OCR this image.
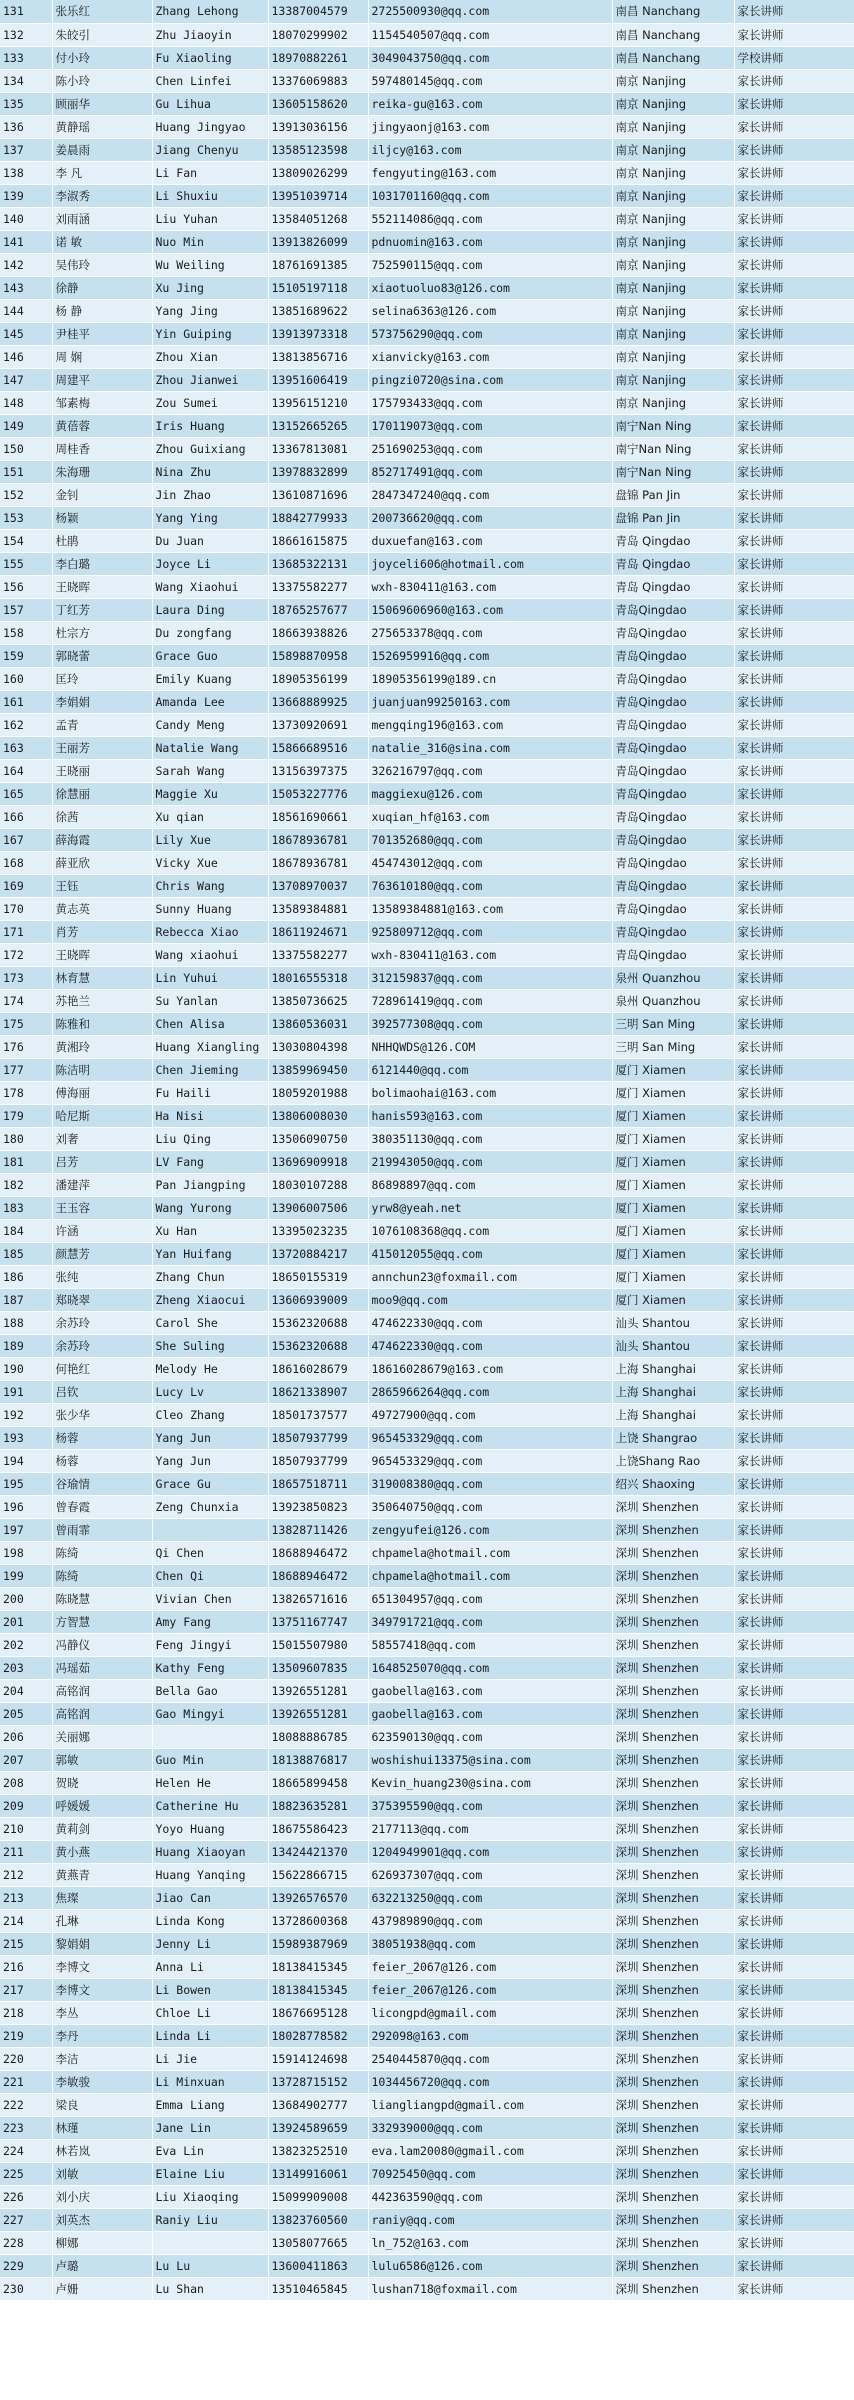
131	张乐红	Zhang Lehong	13387004579	2725500930@qq.com	南昌 Nanchang	家长讲师
132	朱皎引	Zhu Jiaoyin	18070299902	1154540507@qq.com	南昌 Nanchang	家长讲师
133	付小玲	Fu Xiaoling	18970882261	3049043750@qq.com	南昌 Nanchang	学校讲师
134	陈小玲	Chen Linfei	13376069883	597480145@qq.com	南京 Nanjing	家长讲师
135	顾丽华	Gu Lihua	13605158620	reika-gu@163.com	南京 Nanjing	家长讲师
136	黄静瑶	Huang Jingyao	13913036156	jingyaonj@163.com	南京 Nanjing	家长讲师
137	姜晨雨	Jiang Chenyu	13585123598	iljcy@163.com	南京 Nanjing	家长讲师
138	李 凡	Li Fan	13809026299	fengyuting@163.com	南京 Nanjing	家长讲师
139	李淑秀	Li Shuxiu	13951039714	1031701160@qq.com	南京 Nanjing	家长讲师
140	刘雨涵	Liu Yuhan	13584051268	552114086@qq.com	南京 Nanjing	家长讲师
141	诺 敏	Nuo Min	13913826099	pdnuomin@163.com	南京 Nanjing	家长讲师
142	吴伟玲	Wu Weiling	18761691385	752590115@qq.com	南京 Nanjing	家长讲师
143	徐静	Xu Jing	15105197118	xiaotuoluo83@126.com	南京 Nanjing	家长讲师
144	杨 静	Yang Jing	13851689622	selina6363@126.com	南京 Nanjing	家长讲师
145	尹桂平	Yin Guiping	13913973318	573756290@qq.com	南京 Nanjing	家长讲师
146	周 娴	Zhou Xian	13813856716	xianvicky@163.com	南京 Nanjing	家长讲师
147	周建平	Zhou Jianwei	13951606419	pingzi0720@sina.com	南京 Nanjing	家长讲师
148	邹素梅	Zou Sumei	13956151210	175793433@qq.com	南京 Nanjing	家长讲师
149	黄蓓蓉	Iris Huang	13152665265	170119073@qq.com	南宁Nan Ning	家长讲师
150	周桂香	Zhou Guixiang	13367813081	251690253@qq.com	南宁Nan Ning	家长讲师
151	朱海珊	Nina Zhu	13978832899	852717491@qq.com	南宁Nan Ning	家长讲师
152	金钊	Jin Zhao	13610871696	2847347240@qq.com	盘锦 Pan Jin	家长讲师
153	杨颖	Yang Ying	18842779933	200736620@qq.com	盘锦 Pan Jin	家长讲师
154	杜鹃	Du Juan	18661615875	duxuefan@163.com	青岛 Qingdao	家长讲师
155	李白璐	Joyce Li	13685322131	joyceli606@hotmail.com	青岛 Qingdao	家长讲师
156	王晓晖	Wang Xiaohui	13375582277	wxh-830411@163.com	青岛 Qingdao	家长讲师
157	丁红芳	Laura Ding	18765257677	15069606960@163.com	青岛Qingdao	家长讲师
158	杜宗方	Du zongfang	18663938826	275653378@qq.com	青岛Qingdao	家长讲师
159	郭晓蕾	Grace Guo	15898870958	1526959916@qq.com	青岛Qingdao	家长讲师
160	匡玲	Emily Kuang	18905356199	18905356199@189.cn	青岛Qingdao	家长讲师
161	李娟娟	Amanda Lee	13668889925	juanjuan99250163.com	青岛Qingdao	家长讲师
162	孟青	Candy Meng	13730920691	mengqing196@163.com	青岛Qingdao	家长讲师
163	王丽芳	Natalie Wang	15866689516	natalie_316@sina.com	青岛Qingdao	家长讲师
164	王晓丽	Sarah Wang	13156397375	326216797@qq.com	青岛Qingdao	家长讲师
165	徐慧丽	Maggie Xu	15053227776	maggiexu@126.com	青岛Qingdao	家长讲师
166	徐茜	Xu qian	18561690661	xuqian_hf@163.com	青岛Qingdao	家长讲师
167	薛海霞	Lily Xue	18678936781	701352680@qq.com	青岛Qingdao	家长讲师
168	薛亚欣	Vicky Xue	18678936781	454743012@qq.com	青岛Qingdao	家长讲师
169	王钰	Chris Wang	13708970037	763610180@qq.com	青岛Qingdao	家长讲师
170	黄志英	Sunny Huang	13589384881	13589384881@163.com	青岛Qingdao	家长讲师
171	肖芳	Rebecca Xiao	18611924671	925809712@qq.com	青岛Qingdao	家长讲师
172	王晓晖	Wang xiaohui	13375582277	wxh-830411@163.com	青岛Qingdao	家长讲师
173	林育慧	Lin Yuhui	18016555318	312159837@qq.com	泉州 Quanzhou	家长讲师
174	苏艳兰	Su Yanlan	13850736625	728961419@qq.com	泉州 Quanzhou	家长讲师
175	陈雅和	Chen Alisa	13860536031	392577308@qq.com	三明 San Ming	家长讲师
176	黄湘玲	Huang Xiangling	13030804398	NHHQWDS@126.COM	三明 San Ming	家长讲师
177	陈洁明	Chen Jieming	13859969450	6121440@qq.com	厦门 Xiamen	家长讲师
178	傅海丽	Fu Haili	18059201988	bolimaohai@163.com	厦门 Xiamen	家长讲师
179	哈尼斯	Ha Nisi	13806008030	hanis593@163.com	厦门 Xiamen	家长讲师
180	刘奢	Liu Qing	13506090750	380351130@qq.com	厦门 Xiamen	家长讲师
181	吕芳	LV Fang	13696909918	219943050@qq.com	厦门 Xiamen	家长讲师
182	潘建萍	Pan Jiangping	18030107288	86898897@qq.com	厦门 Xiamen	家长讲师
183	王玉容	Wang Yurong	13906007506	yrw8@yeah.net	厦门 Xiamen	家长讲师
184	许涵	Xu Han	13395023235	1076108368@qq.com	厦门 Xiamen	家长讲师
185	颜慧芳	Yan Huifang	13720884217	415012055@qq.com	厦门 Xiamen	家长讲师
186	张纯	Zhang Chun	18650155319	annchun23@foxmail.com	厦门 Xiamen	家长讲师
187	郑晓翠	Zheng Xiaocui	13606939009	moo9@qq.com	厦门 Xiamen	家长讲师
188	余苏玲	Carol She	15362320688	474622330@qq.com	汕头 Shantou	家长讲师
189	余苏玲	She Suling	15362320688	474622330@qq.com	汕头 Shantou	家长讲师
190	何艳红	Melody He	18616028679	18616028679@163.com	上海 Shanghai	家长讲师
191	吕钦	Lucy Lv	18621338907	2865966264@qq.com	上海 Shanghai	家长讲师
192	张少华	Cleo Zhang	18501737577	49727900@qq.com	上海 Shanghai	家长讲师
193	杨蓉	Yang Jun	18507937799	965453329@qq.com	上饶 Shangrao	家长讲师
194	杨蓉	Yang Jun	18507937799	965453329@qq.com	上饶Shang Rao	家长讲师
195	谷瑜情	Grace Gu	18657518711	319008380@qq.com	绍兴 Shaoxing	家长讲师
196	曾春霞	Zeng Chunxia	13923850823	350640750@qq.com	深圳 Shenzhen	家长讲师
197	曾雨霏		13828711426	zengyufei@126.com	深圳 Shenzhen	家长讲师
198	陈绮	Qi Chen	18688946472	chpamela@hotmail.com	深圳 Shenzhen	家长讲师
199	陈绮	Chen Qi	18688946472	chpamela@hotmail.com	深圳 Shenzhen	家长讲师
200	陈晓慧	Vivian Chen	13826571616	651304957@qq.com	深圳 Shenzhen	家长讲师
201	方智慧	Amy Fang	13751167747	349791721@qq.com	深圳 Shenzhen	家长讲师
202	冯静仪	Feng Jingyi	15015507980	58557418@qq.com	深圳 Shenzhen	家长讲师
203	冯瑶茹	Kathy Feng	13509607835	1648525070@qq.com	深圳 Shenzhen	家长讲师
204	高铭润	Bella Gao	13926551281	gaobella@163.com	深圳 Shenzhen	家长讲师
205	高铭润	Gao Mingyi	13926551281	gaobella@163.com	深圳 Shenzhen	家长讲师
206	关丽娜		18088886785	623590130@qq.com	深圳 Shenzhen	家长讲师
207	郭敏	Guo Min	18138876817	woshishui13375@sina.com	深圳 Shenzhen	家长讲师
208	贺晓	Helen He	18665899458	Kevin_huang230@sina.com	深圳 Shenzhen	家长讲师
209	呼媛媛	Catherine Hu	18823635281	375395590@qq.com	深圳 Shenzhen	家长讲师
210	黄莉剑	Yoyo Huang	18675586423	2177113@qq.com	深圳 Shenzhen	家长讲师
211	黄小燕	Huang Xiaoyan	13424421370	1204949901@qq.com	深圳 Shenzhen	家长讲师
212	黄燕青	Huang Yanqing	15622866715	626937307@qq.com	深圳 Shenzhen	家长讲师
213	焦璨	Jiao Can	13926576570	632213250@qq.com	深圳 Shenzhen	家长讲师
214	孔琳	Linda Kong	13728600368	437989890@qq.com	深圳 Shenzhen	家长讲师
215	黎娟娟	Jenny Li	15989387969	38051938@qq.com	深圳 Shenzhen	家长讲师
216	李博文	Anna Li	18138415345	feier_2067@126.com	深圳 Shenzhen	家长讲师
217	李博文	Li Bowen	18138415345	feier_2067@126.com	深圳 Shenzhen	家长讲师
218	李丛	Chloe Li	18676695128	licongpd@gmail.com	深圳 Shenzhen	家长讲师
219	李丹	Linda Li	18028778582	292098@163.com	深圳 Shenzhen	家长讲师
220	李洁	Li Jie	15914124698	2540445870@qq.com	深圳 Shenzhen	家长讲师
221	李敏骏	Li Minxuan	13728715152	1034456720@qq.com	深圳 Shenzhen	家长讲师
222	梁良	Emma Liang	13684902777	liangliangpd@gmail.com	深圳 Shenzhen	家长讲师
223	林瑾	Jane Lin	13924589659	332939000@qq.com	深圳 Shenzhen	家长讲师
224	林若岚	Eva Lin	13823252510	eva.lam20080@gmail.com	深圳 Shenzhen	家长讲师
225	刘敏	Elaine Liu	13149916061	70925450@qq.com	深圳 Shenzhen	家长讲师
226	刘小庆	Liu Xiaoqing	15099909008	442363590@qq.com	深圳 Shenzhen	家长讲师
227	刘英杰	Raniy Liu	13823760560	raniy@qq.com	深圳 Shenzhen	家长讲师
228	柳娜		13058077665	ln_752@163.com	深圳 Shenzhen	家长讲师
229	卢璐	Lu Lu	13600411863	lulu6586@126.com	深圳 Shenzhen	家长讲师
230	卢姗	Lu Shan	13510465845	lushan718@foxmail.com	深圳 Shenzhen	家长讲师
